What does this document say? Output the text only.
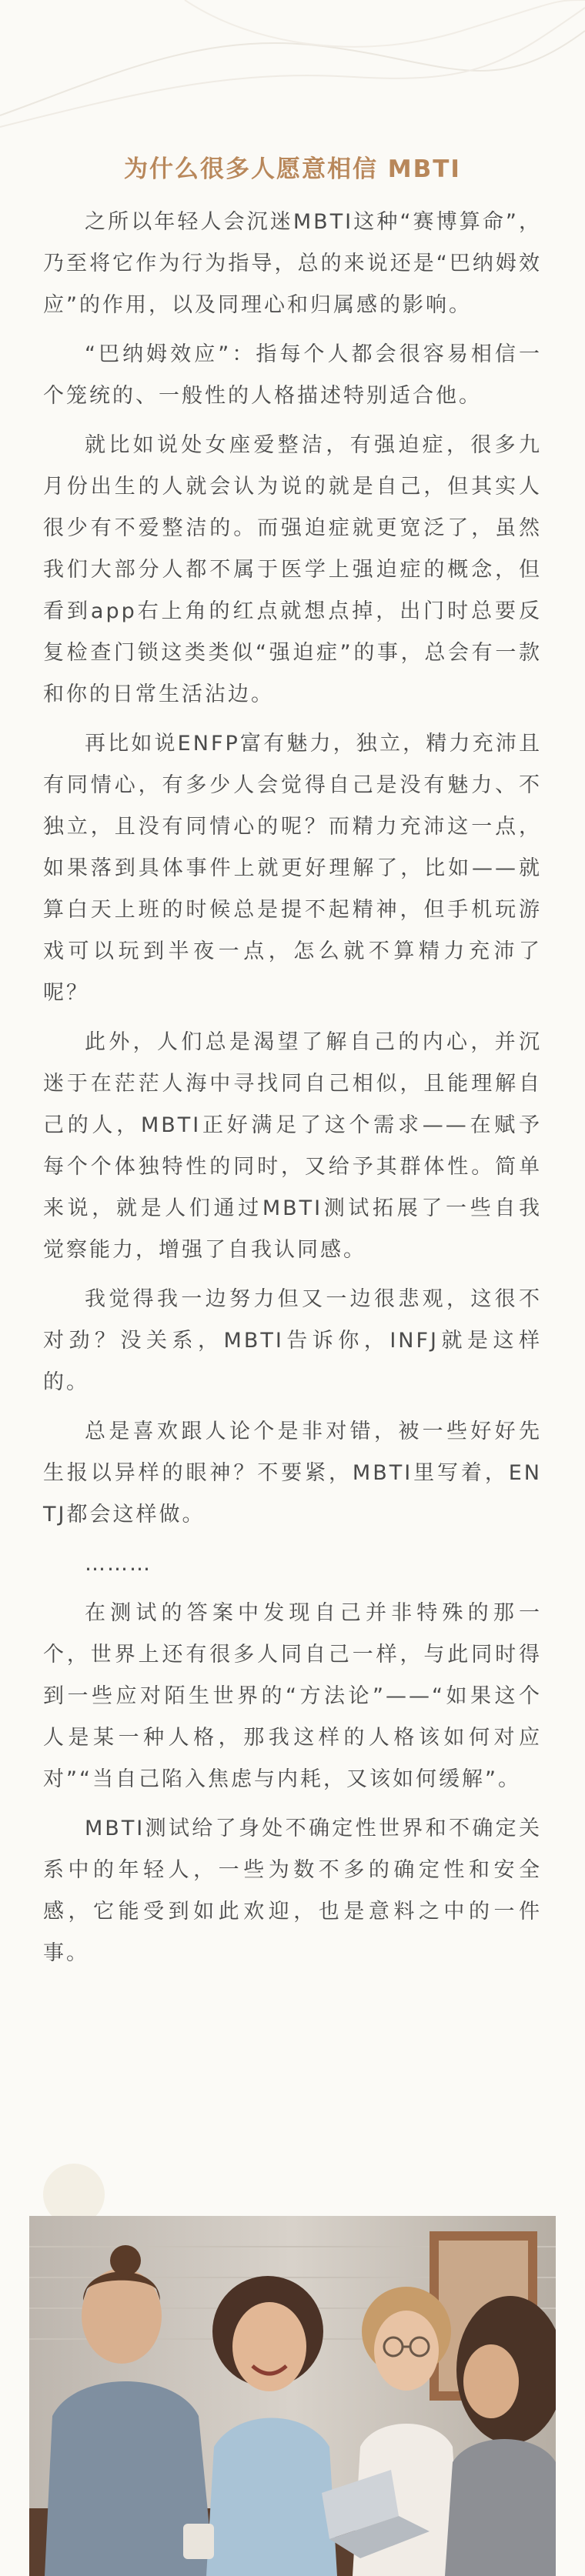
为什么很多人愿意相信 MBTI

之所以年轻人会沉迷MBTI这种“赛博算命”，乃至将它作为行为指导，总的来说还是“巴纳姆效应”的作用，以及同理心和归属感的影响。

“巴纳姆效应”：指每个人都会很容易相信一个笼统的、一般性的人格描述特别适合他。

就比如说处女座爱整洁，有强迫症，很多九月份出生的人就会认为说的就是自己，但其实人很少有不爱整洁的。而强迫症就更宽泛了，虽然我们大部分人都不属于医学上强迫症的概念，但看到app右上角的红点就想点掉，出门时总要反复检查门锁这类类似“强迫症”的事，总会有一款和你的日常生活沾边。

再比如说ENFP富有魅力，独立，精力充沛且有同情心，有多少人会觉得自己是没有魅力、不独立，且没有同情心的呢？而精力充沛这一点，如果落到具体事件上就更好理解了，比如——就算白天上班的时候总是提不起精神，但手机玩游戏可以玩到半夜一点，怎么就不算精力充沛了呢？

此外，人们总是渴望了解自己的内心，并沉迷于在茫茫人海中寻找同自己相似，且能理解自己的人，MBTI正好满足了这个需求——在赋予每个个体独特性的同时，又给予其群体性。简单来说，就是人们通过MBTI测试拓展了一些自我觉察能力，增强了自我认同感。

我觉得我一边努力但又一边很悲观，这很不对劲？没关系，MBTI告诉你，INFJ就是这样的。

总是喜欢跟人论个是非对错，被一些好好先生报以异样的眼神？不要紧，MBTI里写着，ENTJ都会这样做。

………

在测试的答案中发现自己并非特殊的那一个，世界上还有很多人同自己一样，与此同时得到一些应对陌生世界的“方法论”——“如果这个人是某一种人格，那我这样的人格该如何对应对”“当自己陷入焦虑与内耗，又该如何缓解”。

MBTI测试给了身处不确定性世界和不确定关系中的年轻人，一些为数不多的确定性和安全感，它能受到如此欢迎，也是意料之中的一件事。
